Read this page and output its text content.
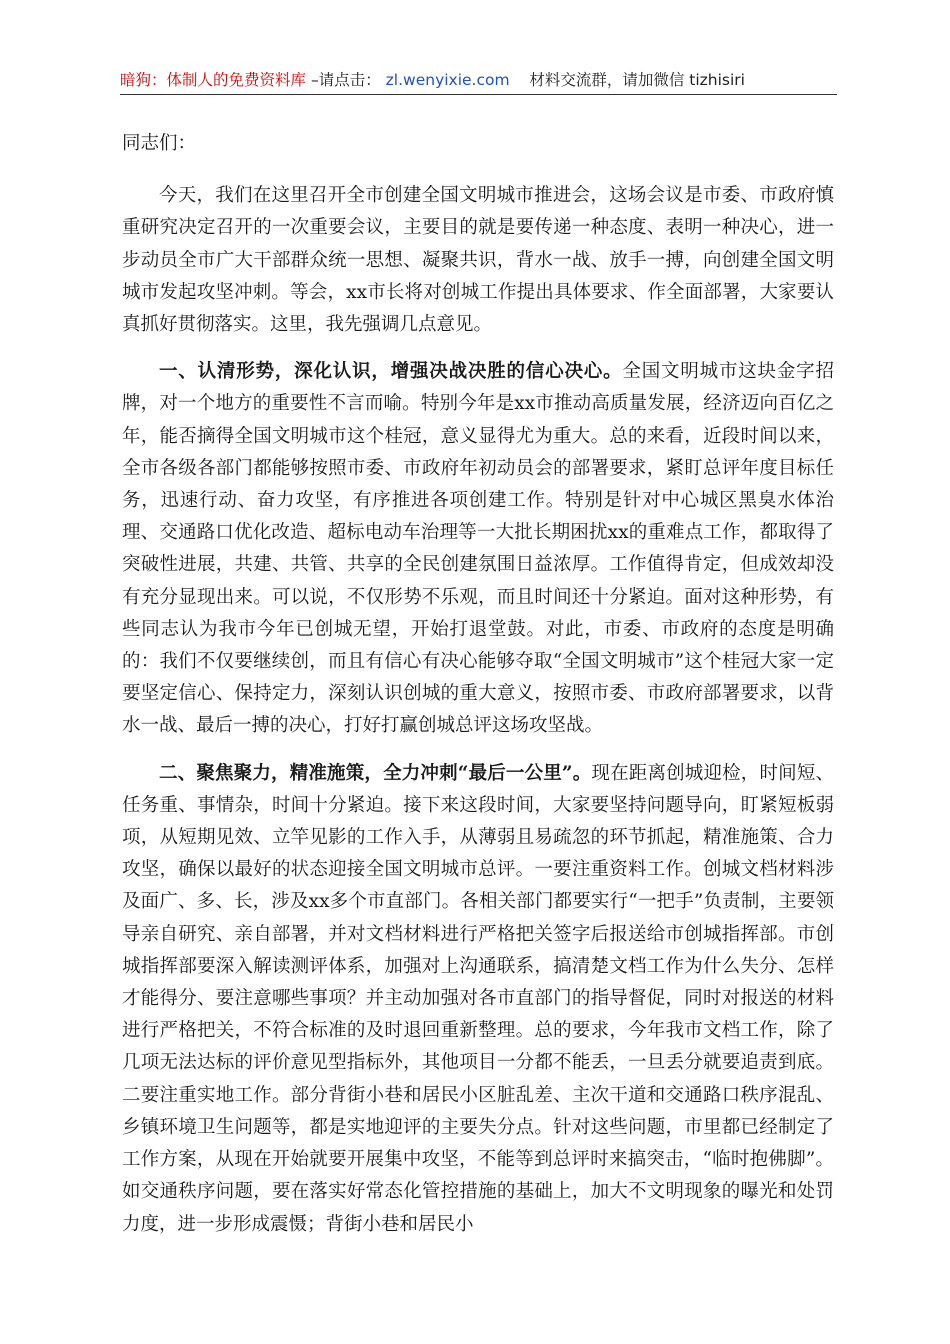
暗狗：体制人的免费资料库 –请点击： zl.wenyixie.com 材料交流群，请加微信 tizhisiri

同志们：

今天，我们在这里召开全市创建全国文明城市推进会，这场会议是市委、市政府慎重研究决定召开的一次重要会议，主要目的就是要传递一种态度、表明一种决心，进一步动员全市广大干部群众统一思想、凝聚共识，背水一战、放手一搏，向创建全国文明城市发起攻坚冲刺。等会，xx市长将对创城工作提出具体要求、作全面部署，大家要认真抓好贯彻落实。这里，我先强调几点意见。

一、认清形势，深化认识，增强决战决胜的信心决心。全国文明城市这块金字招牌，对一个地方的重要性不言而喻。特别今年是xx市推动高质量发展，经济迈向百亿之年，能否摘得全国文明城市这个桂冠，意义显得尤为重大。总的来看，近段时间以来，全市各级各部门都能够按照市委、市政府年初动员会的部署要求，紧盯总评年度目标任务，迅速行动、奋力攻坚，有序推进各项创建工作。特别是针对中心城区黑臭水体治理、交通路口优化改造、超标电动车治理等一大批长期困扰xx的重难点工作，都取得了突破性进展，共建、共管、共享的全民创建氛围日益浓厚。工作值得肯定，但成效却没有充分显现出来。可以说，不仅形势不乐观，而且时间还十分紧迫。面对这种形势，有些同志认为我市今年已创城无望，开始打退堂鼓。对此，市委、市政府的态度是明确的：我们不仅要继续创，而且有信心有决心能够夺取“全国文明城市”这个桂冠大家一定要坚定信心、保持定力，深刻认识创城的重大意义，按照市委、市政府部署要求，以背水一战、最后一搏的决心，打好打赢创城总评这场攻坚战。

二、聚焦聚力，精准施策，全力冲刺“最后一公里”。现在距离创城迎检，时间短、任务重、事情杂，时间十分紧迫。接下来这段时间，大家要坚持问题导向，盯紧短板弱项，从短期见效、立竿见影的工作入手，从薄弱且易疏忽的环节抓起，精准施策、合力攻坚，确保以最好的状态迎接全国文明城市总评。一要注重资料工作。创城文档材料涉及面广、多、长，涉及xx多个市直部门。各相关部门都要实行“一把手”负责制，主要领导亲自研究、亲自部署，并对文档材料进行严格把关签字后报送给市创城指挥部。市创城指挥部要深入解读测评体系，加强对上沟通联系，搞清楚文档工作为什么失分、怎样才能得分、要注意哪些事项？并主动加强对各市直部门的指导督促，同时对报送的材料进行严格把关，不符合标准的及时退回重新整理。总的要求，今年我市文档工作，除了几项无法达标的评价意见型指标外，其他项目一分都不能丢，一旦丢分就要追责到底。二要注重实地工作。部分背街小巷和居民小区脏乱差、主次干道和交通路口秩序混乱、乡镇环境卫生问题等，都是实地迎评的主要失分点。针对这些问题，市里都已经制定了工作方案，从现在开始就要开展集中攻坚，不能等到总评时来搞突击，“临时抱佛脚”。如交通秩序问题，要在落实好常态化管控措施的基础上，加大不文明现象的曝光和处罚力度，进一步形成震慑；背街小巷和居民小
